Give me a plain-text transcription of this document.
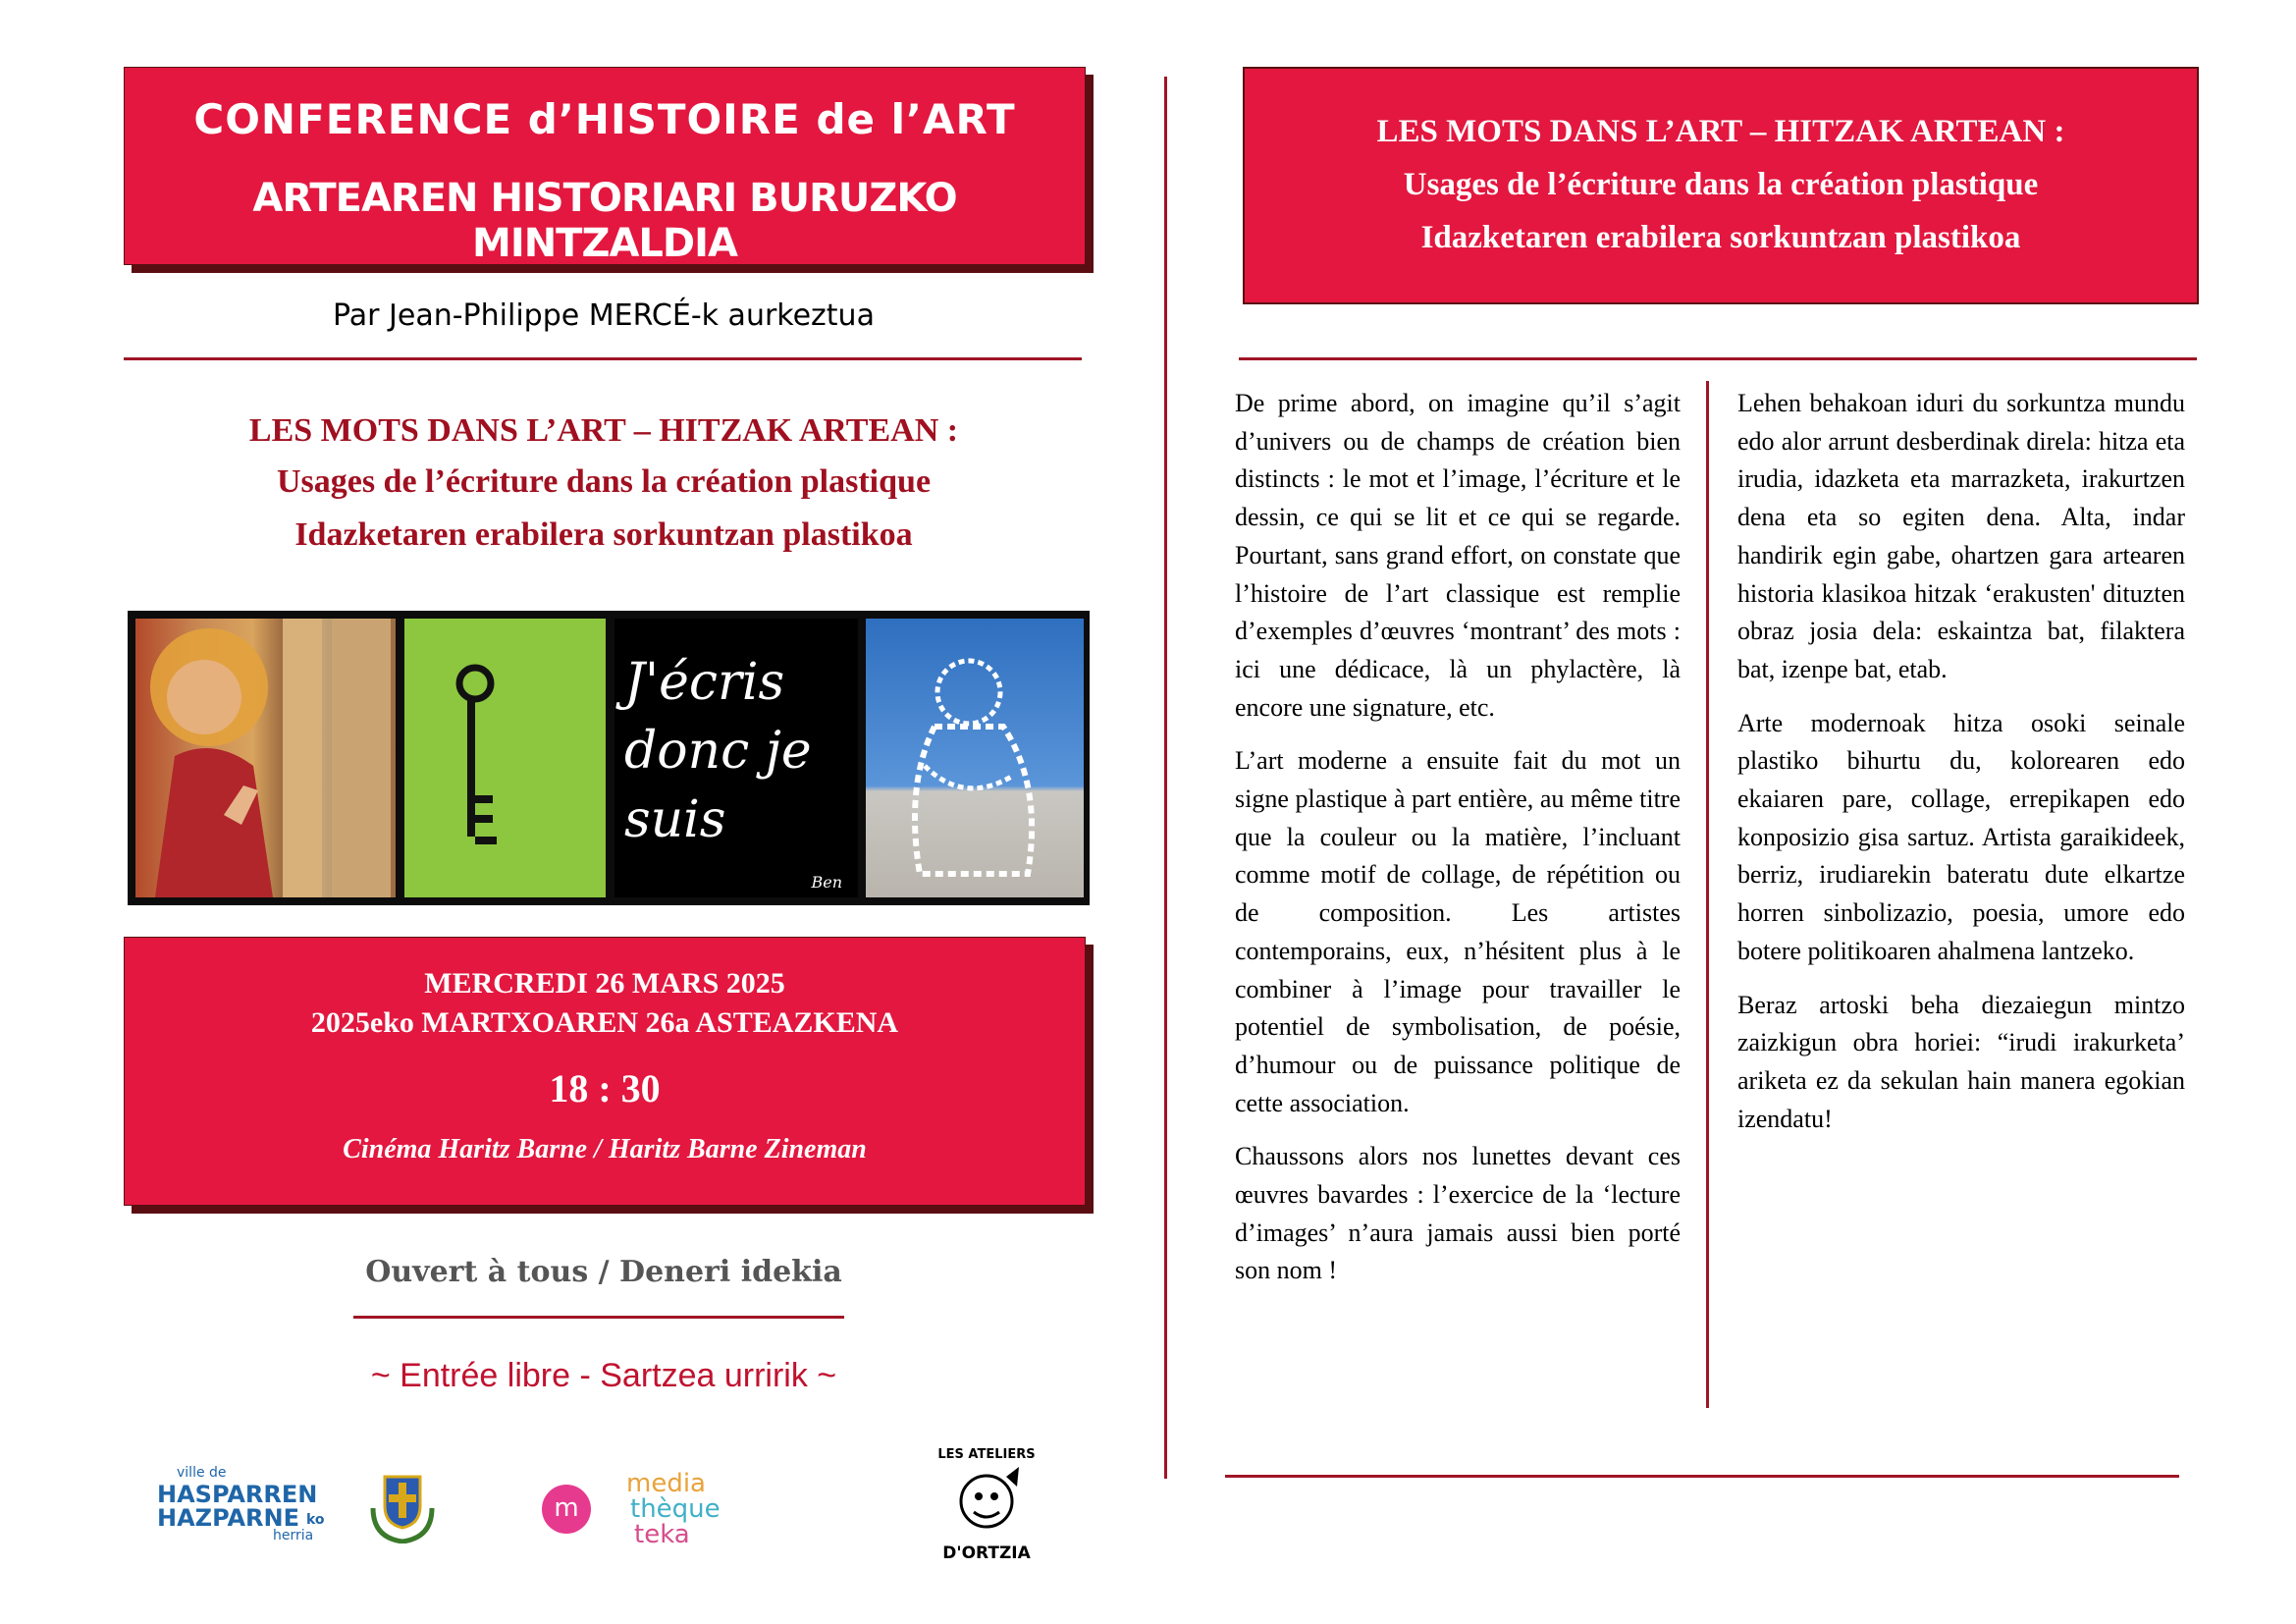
CONFERENCE d’HISTOIRE de l’ART
ARTEAREN HISTORIARI BURUZKO MINTZALDIA
Par Jean-Philippe MERCÉ-k aurkeztua
LES MOTS DANS L’ART – HITZAK ARTEAN :
Usages de l’écriture dans la création plastique
Idazketaren erabilera sorkuntzan plastikoa
J'écris donc je suis
Ben
MERCREDI 26 MARS 2025
2025eko MARTXOAREN 26a ASTEAZKENA
18 : 30
Cinéma Haritz Barne / Haritz Barne Zineman
Ouvert à tous / Deneri idekia
~ Entrée libre - Sartzea urririk ~
ville de
HASPARREN
HAZPARNE ko
herria
m
media
thèque
teka
LES ATELIERS
D'ORTZIA
LES MOTS DANS L’ART – HITZAK ARTEAN :
Usages de l’écriture dans la création plastique
Idazketaren erabilera sorkuntzan plastikoa

De prime abord, on imagine qu’il s’agit d’univers ou de champs de création bien distincts : le mot et l’image, l’écriture et le dessin, ce qui se lit et ce qui se regarde. Pourtant, sans grand effort, on constate que l’histoire de l’art classique est remplie d’exemples d’œuvres ‘montrant’ des mots : ici une dédicace, là un phylactère, là encore une signature, etc.

L’art moderne a ensuite fait du mot un signe plastique à part entière, au même titre que la couleur ou la matière, l’incluant comme motif de collage, de répétition ou de composition. Les artistes contemporains, eux, n’hésitent plus à le combiner à l’image pour travailler le potentiel de symbolisation, de poésie, d’humour ou de puissance politique de cette association.

Chaussons alors nos lunettes devant ces œuvres bavardes : l’exercice de la ‘lecture d’images’ n’aura jamais aussi bien porté son nom !

Lehen behakoan iduri du sorkuntza mundu edo alor arrunt desberdinak direla: hitza eta irudia, idazketa eta marrazketa, irakurtzen dena eta so egiten dena. Alta, indar handirik egin gabe, ohartzen gara artearen historia klasikoa hitzak ‘erakusten' dituzten obraz josia dela: eskaintza bat, filaktera bat, izenpe bat, etab.

Arte modernoak hitza osoki seinale plastiko bihurtu du, kolorearen edo ekaiaren pare, collage, errepikapen edo konposizio gisa sartuz. Artista garaikideek, berriz, irudiarekin bateratu dute elkartze horren sinbolizazio, poesia, umore edo botere politikoaren ahalmena lantzeko.

Beraz artoski beha diezaiegun mintzo zaizkigun obra horiei: “irudi irakurketa’ ariketa ez da sekulan hain manera egokian izendatu!
